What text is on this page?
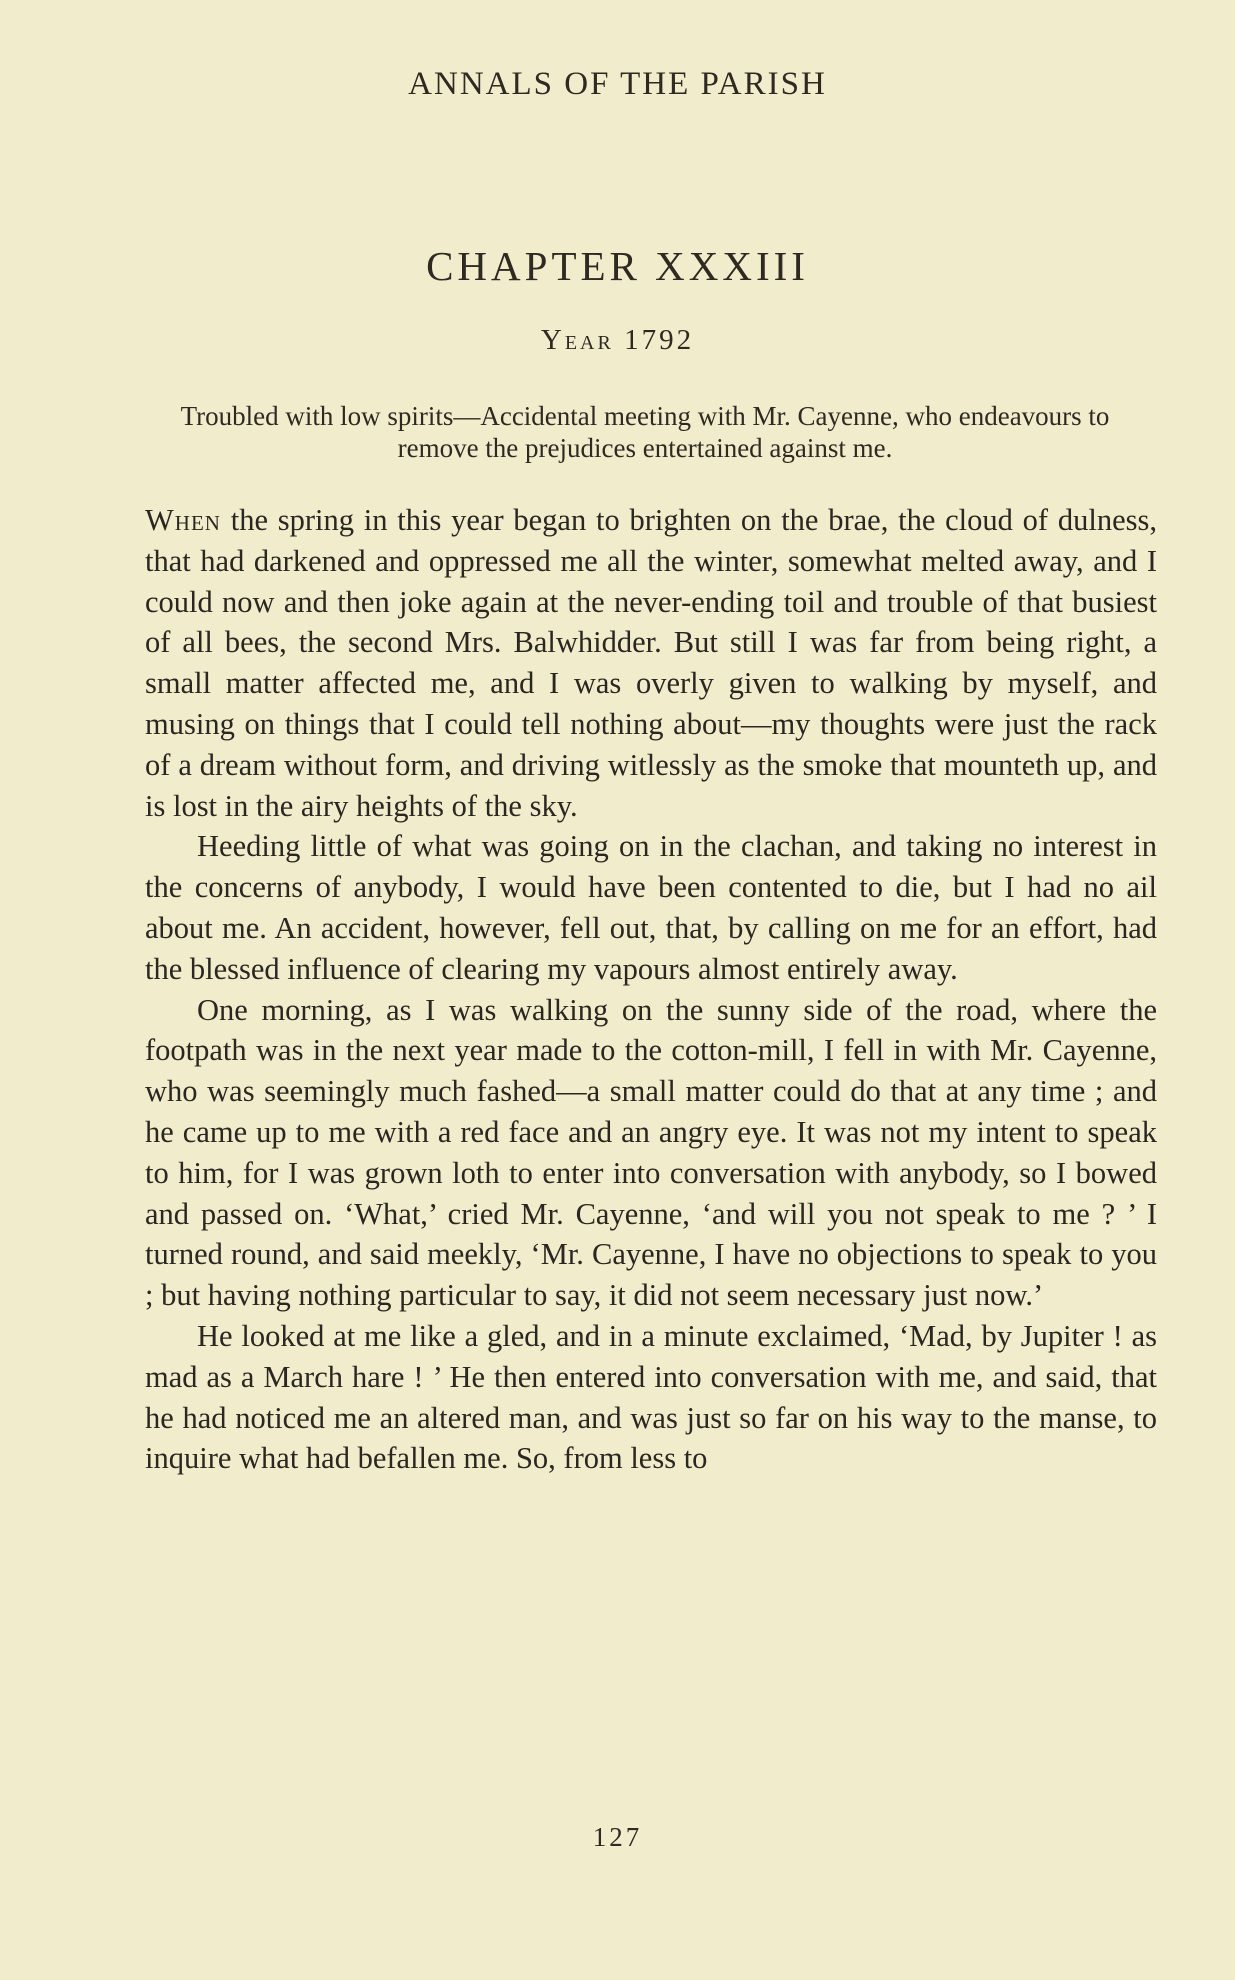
ANNALS OF THE PARISH
CHAPTER XXXIII
Year 1792
Troubled with low spirits—Accidental meeting with Mr. Cayenne, who endeavours to remove the prejudices entertained against me.

When the spring in this year began to brighten on the brae, the cloud of dulness, that had darkened and oppressed me all the winter, somewhat melted away, and I could now and then joke again at the never-ending toil and trouble of that busiest of all bees, the second Mrs. Balwhidder. But still I was far from being right, a small matter affected me, and I was overly given to walking by myself, and musing on things that I could tell nothing about—my thoughts were just the rack of a dream without form, and driving witlessly as the smoke that mounteth up, and is lost in the airy heights of the sky.

Heeding little of what was going on in the clachan, and taking no interest in the concerns of anybody, I would have been contented to die, but I had no ail about me. An accident, however, fell out, that, by calling on me for an effort, had the blessed influence of clearing my vapours almost entirely away.

One morning, as I was walking on the sunny side of the road, where the footpath was in the next year made to the cotton-mill, I fell in with Mr. Cayenne, who was seemingly much fashed—a small matter could do that at any time ; and he came up to me with a red face and an angry eye. It was not my intent to speak to him, for I was grown loth to enter into conversation with anybody, so I bowed and passed on. ‘What,’ cried Mr. Cayenne, ‘and will you not speak to me ? ’ I turned round, and said meekly, ‘Mr. Cayenne, I have no objections to speak to you ; but having nothing particular to say, it did not seem necessary just now.’

He looked at me like a gled, and in a minute exclaimed, ‘Mad, by Jupiter ! as mad as a March hare ! ’ He then entered into conversation with me, and said, that he had noticed me an altered man, and was just so far on his way to the manse, to inquire what had befallen me. So, from less to

127
